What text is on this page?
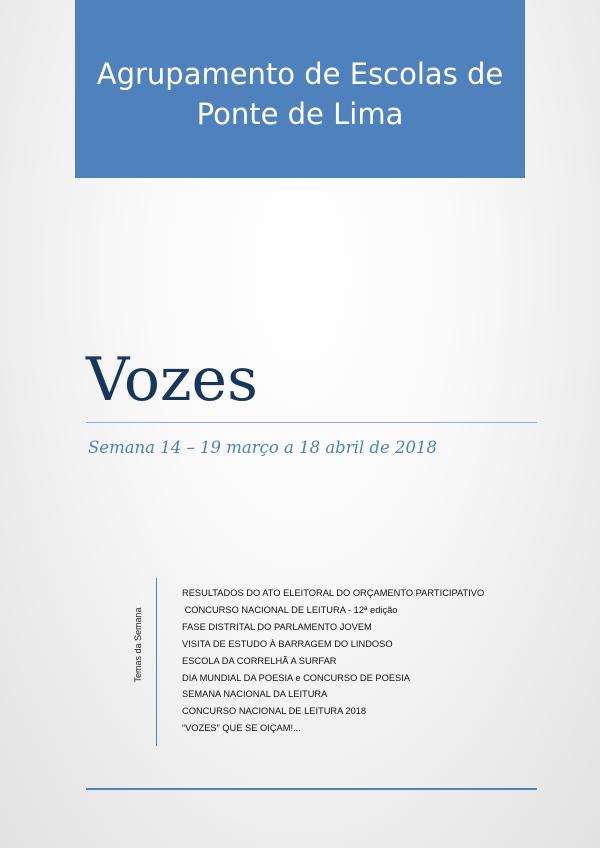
Agrupamento de Escolas de
Ponte de Lima
Vozes
Semana 14 – 19 março a 18 abril de 2018
Temas da Semana
RESULTADOS DO ATO ELEITORAL DO ORÇAMENTO PARTICIPATIVO
CONCURSO NACIONAL DE LEITURA - 12ª edição
FASE DISTRITAL DO PARLAMENTO JOVEM
VISITA DE ESTUDO À BARRAGEM DO LINDOSO
ESCOLA DA CORRELHÃ A SURFAR
DIA MUNDIAL DA POESIA e CONCURSO DE POESIA
SEMANA NACIONAL DA LEITURA
CONCURSO NACIONAL DE LEITURA 2018
“VOZES” QUE SE OIÇAM!...
